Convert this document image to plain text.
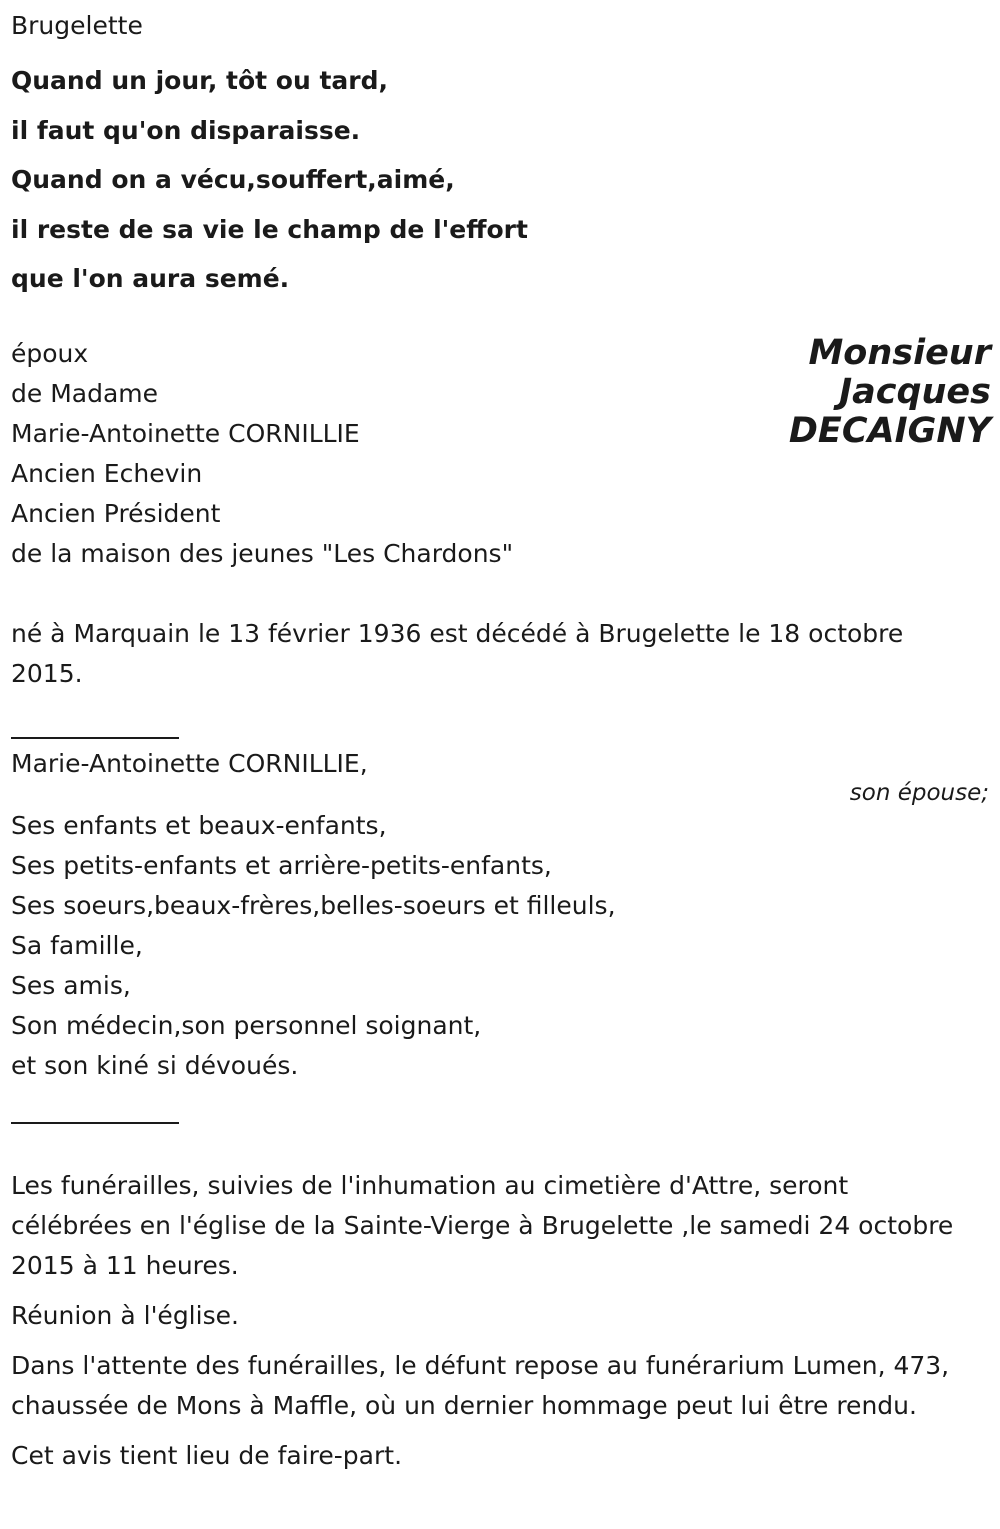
Brugelette
Quand un jour, tôt ou tard,
il faut qu'on disparaisse.
Quand on a vécu,souffert,aimé,
il reste de sa vie le champ de l'effort
que l'on aura semé.
époux
de Madame
Marie-Antoinette CORNILLIE
Ancien Echevin
Ancien Président
de la maison des jeunes "Les Chardons"
Monsieur
Jacques
DECAIGNY
né à Marquain le 13 février 1936 est décédé à Brugelette le 18 octobre 2015.
Marie-Antoinette CORNILLIE,
son épouse;
Ses enfants et beaux-enfants,
Ses petits-enfants et arrière-petits-enfants,
Ses soeurs,beaux-frères,belles-soeurs et filleuls,
Sa famille,
Ses amis,
Son médecin,son personnel soignant,
et son kiné si dévoués.

Les funérailles, suivies de l'inhumation au cimetière d'Attre, seront célébrées en l'église de la Sainte-Vierge à Brugelette ,le samedi 24 octobre 2015 à 11 heures.

Réunion à l'église.

Dans l'attente des funérailles, le défunt repose au funérarium Lumen, 473, chaussée de Mons à Maffle, où un dernier hommage peut lui être rendu.

Cet avis tient lieu de faire-part.
